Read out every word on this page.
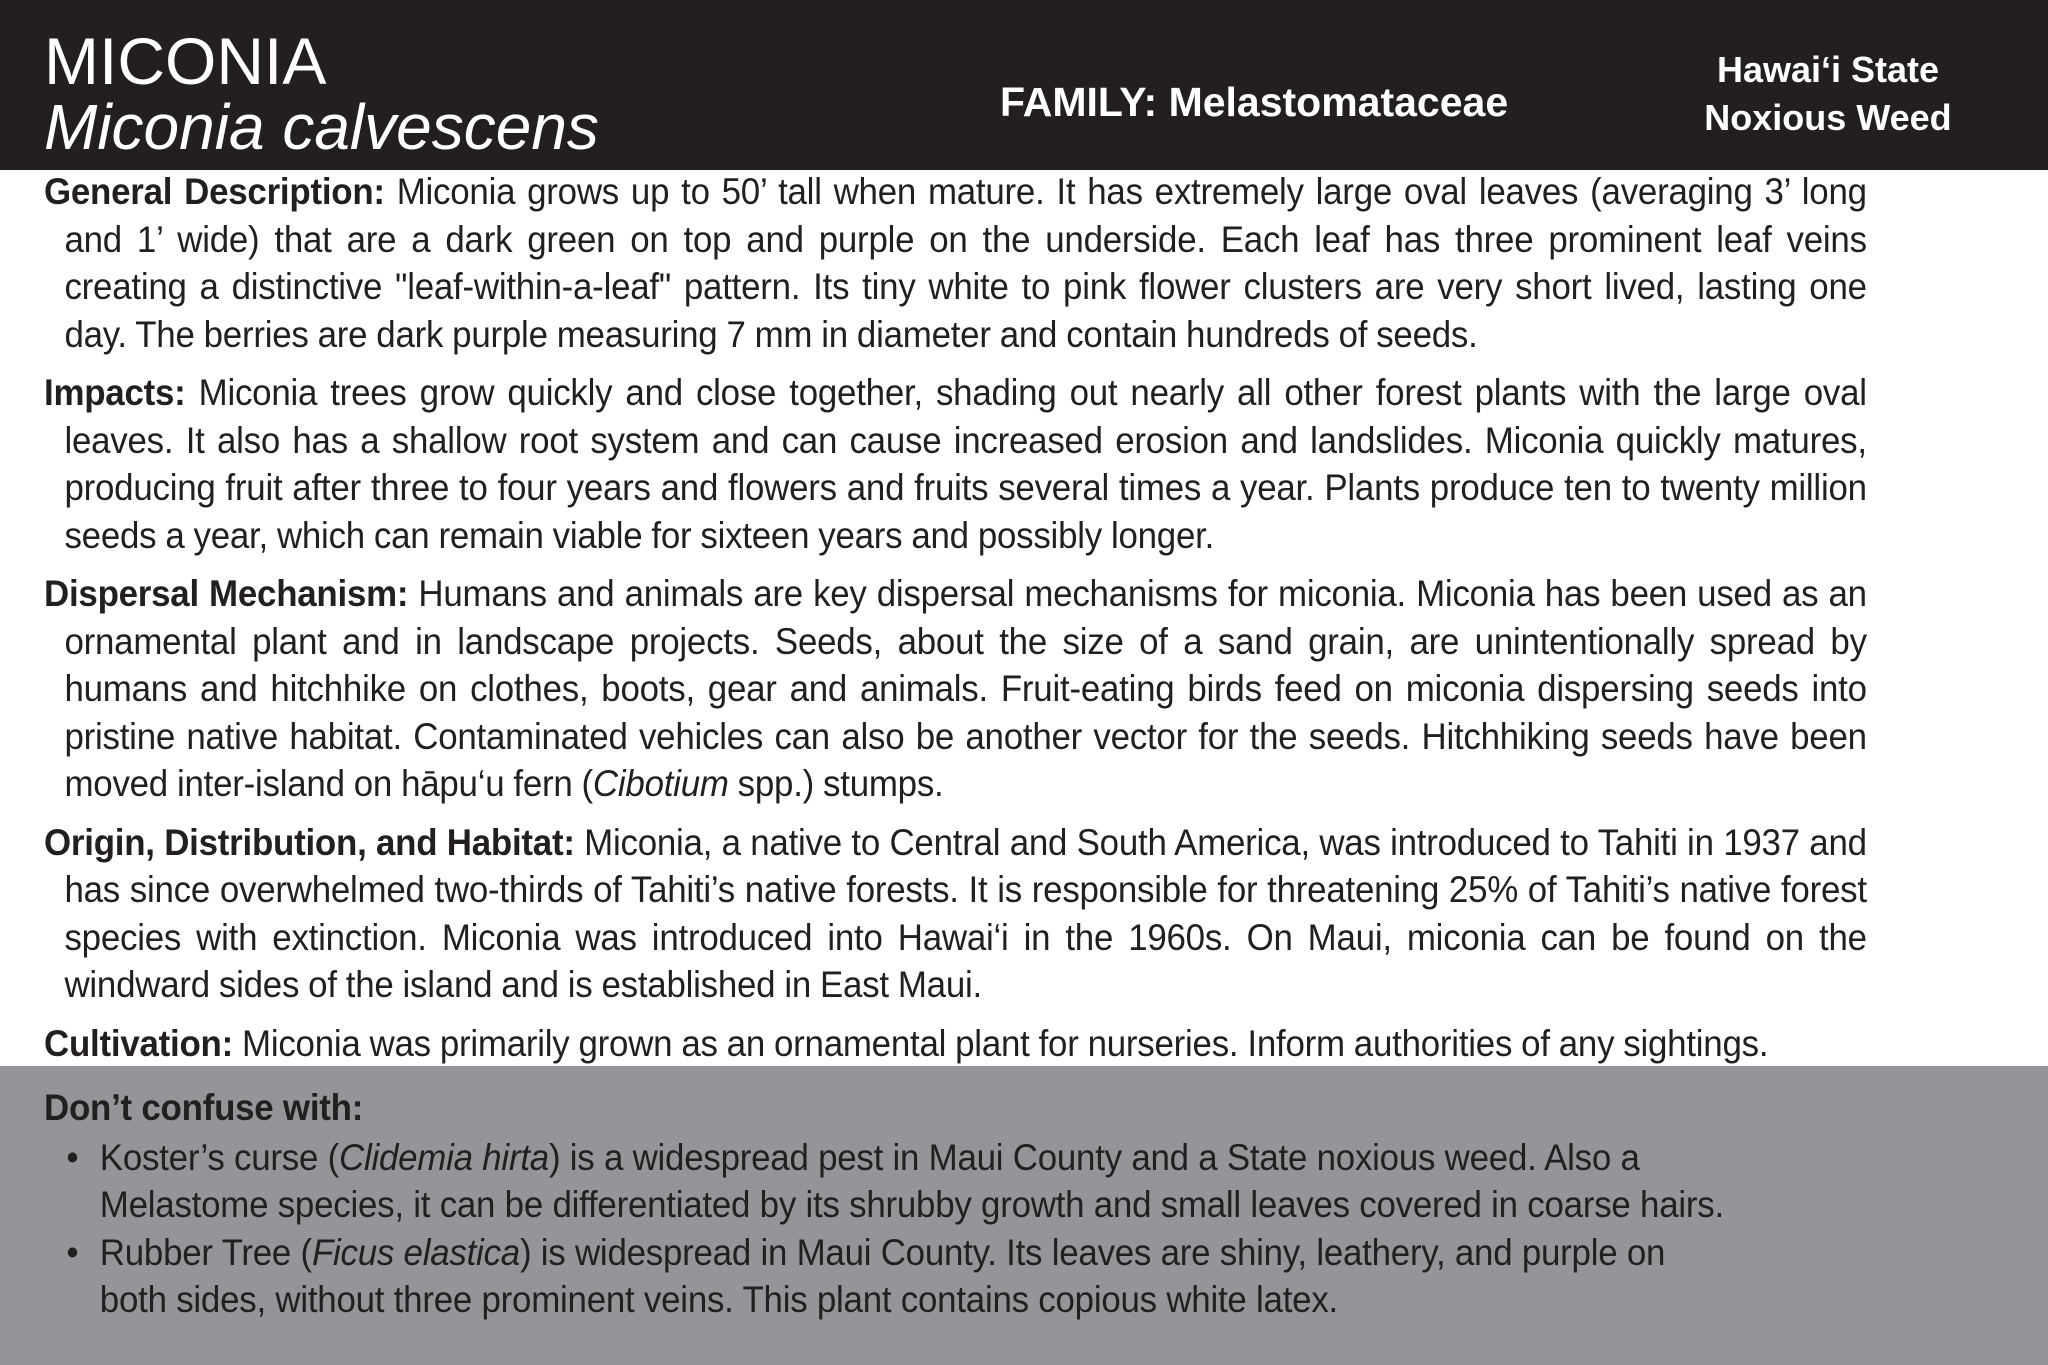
MICONIA
Miconia calvescens	FAMILY: Melastomataceae
Hawai‘i State
Noxious Weed

General Description: Miconia grows up to 50’ tall when mature. It has extremely large oval leaves (averaging 3’ long and 1’ wide) that are a dark green on top and purple on the underside. Each leaf has three prominent leaf veins creating a distinctive "leaf-within-a-leaf" pattern. Its tiny white to pink flower clusters are very short lived, lasting one day. The berries are dark purple measuring 7 mm in diameter and contain hundreds of seeds.

Impacts: Miconia trees grow quickly and close together, shading out nearly all other forest plants with the large oval leaves. It also has a shallow root system and can cause increased erosion and landslides. Miconia quickly matures, producing fruit after three to four years and flowers and fruits several times a year. Plants produce ten to twenty million seeds a year, which can remain viable for sixteen years and possibly longer.

Dispersal Mechanism: Humans and animals are key dispersal mechanisms for miconia. Miconia has been used as an ornamental plant and in landscape projects. Seeds, about the size of a sand grain, are unintentionally spread by humans and hitchhike on clothes, boots, gear and animals. Fruit-eating birds feed on miconia dispersing seeds into pristine native habitat. Contaminated vehicles can also be another vector for the seeds. Hitchhiking seeds have been moved inter-island on hāpu‘u fern (Cibotium spp.) stumps.

Origin, Distribution, and Habitat: Miconia, a native to Central and South America, was introduced to Tahiti in 1937 and has since overwhelmed two-thirds of Tahiti’s native forests. It is responsible for threatening 25% of Tahiti’s native forest species with extinction. Miconia was introduced into Hawai‘i in the 1960s. On Maui, miconia can be found on the windward sides of the island and is established in East Maui.

Cultivation: Miconia was primarily grown as an ornamental plant for nurseries. Inform authorities of any sightings.

Don’t confuse with:
• Koster’s curse (Clidemia hirta) is a widespread pest in Maui County and a State noxious weed. Also a
Melastome species, it can be differentiated by its shrubby growth and small leaves covered in coarse hairs.
• Rubber Tree (Ficus elastica) is widespread in Maui County. Its leaves are shiny, leathery, and purple on
both sides, without three prominent veins. This plant contains copious white latex.
